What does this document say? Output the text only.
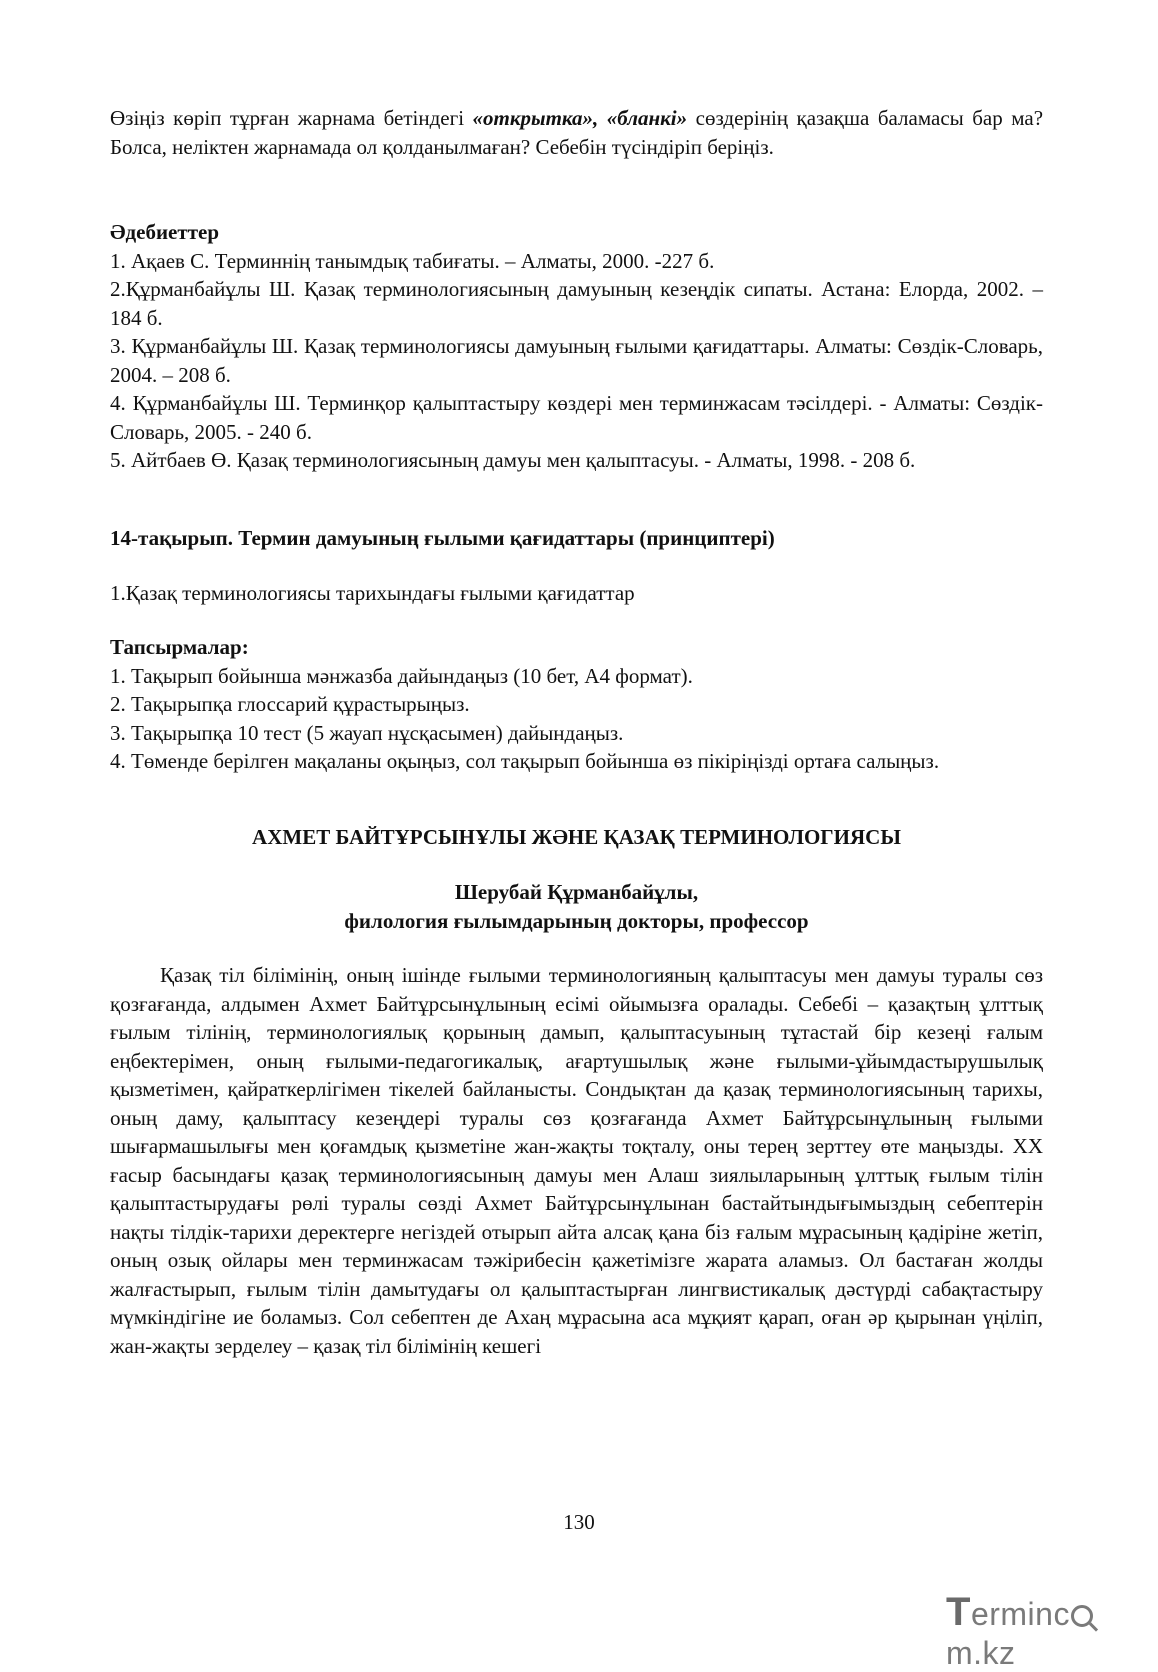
Өзіңіз көріп тұрған жарнама бетіндегі «открытка», «бланкі» сөздерінің қазақша баламасы бар ма? Болса, неліктен жарнамада ол қолданылмаған? Себебін түсіндіріп беріңіз.

Әдебиеттер

1. Ақаев С. Терминнің танымдық табиғаты. – Алматы, 2000. -227 б.

2.Құрманбайұлы Ш. Қазақ терминологиясының дамуының кезеңдік сипаты. Астана: Елорда, 2002. – 184 б.

3. Құрманбайұлы Ш. Қазақ терминологиясы дамуының ғылыми қағидаттары. Алматы: Сөздік-Словарь, 2004. – 208 б.

4. Құрманбайұлы Ш. Терминқор қалыптастыру көздері мен терминжасам тәсілдері. - Алматы: Сөздік-Словарь, 2005. - 240 б.

5. Айтбаев Ө. Қазақ терминологиясының дамуы мен қалыптасуы. - Алматы, 1998. - 208 б.

14-тақырып. Термин дамуының ғылыми қағидаттары (принциптері)

1.Қазақ терминологиясы тарихындағы ғылыми қағидаттар

Тапсырмалар:

1. Тақырып бойынша мәнжазба дайындаңыз (10 бет, А4 формат).

2. Тақырыпқа глоссарий құрастырыңыз.

3. Тақырыпқа 10 тест (5 жауап нұсқасымен) дайындаңыз.

4. Төменде берілген мақаланы оқыңыз, сол тақырып бойынша өз пікіріңізді ортаға салыңыз.

АХМЕТ БАЙТҰРСЫНҰЛЫ ЖӘНЕ ҚАЗАҚ ТЕРМИНОЛОГИЯСЫ

Шерубай Құрманбайұлы,

филология ғылымдарының докторы, профессор

Қазақ тіл білімінің, оның ішінде ғылыми терминологияның қалыптасуы мен дамуы туралы сөз қозғағанда, алдымен Ахмет Байтұрсынұлының есімі ойымызға оралады. Себебі – қазақтың ұлттық ғылым тілінің, терминологиялық қорының дамып, қалыптасуының тұтастай бір кезеңі ғалым еңбектерімен, оның ғылыми-педагогикалық, ағартушылық және ғылыми-ұйымдастырушылық қызметімен, қайраткерлігімен тікелей байланысты. Сондықтан да қазақ терминологиясының тарихы, оның даму, қалыптасу кезеңдері туралы сөз қозғағанда Ахмет Байтұрсынұлының ғылыми шығармашылығы мен қоғамдық қызметіне жан-жақты тоқталу, оны терең зерттеу өте маңызды. ХХ ғасыр басындағы қазақ терминологиясының дамуы мен Алаш зиялыларының ұлттық ғылым тілін қалыптастырудағы рөлі туралы сөзді Ахмет Байтұрсынұлынан бастайтындығымыздың себептерін нақты тілдік-тарихи деректерге негіздей отырып айта алсақ қана біз ғалым мұрасының қадіріне жетіп, оның озық ойлары мен терминжасам тәжірибесін қажетімізге жарата аламыз. Ол бастаған жолды жалғастырып, ғылым тілін дамытудағы ол қалыптастырған лингвистикалық дәстүрді сабақтастыру мүмкіндігіне ие боламыз. Сол себептен де Ахаң мұрасына аса мұқият қарап, оған әр қырынан үңіліп, жан-жақты зерделеу – қазақ тіл білімінің кешегі

130
Termincm.kz
